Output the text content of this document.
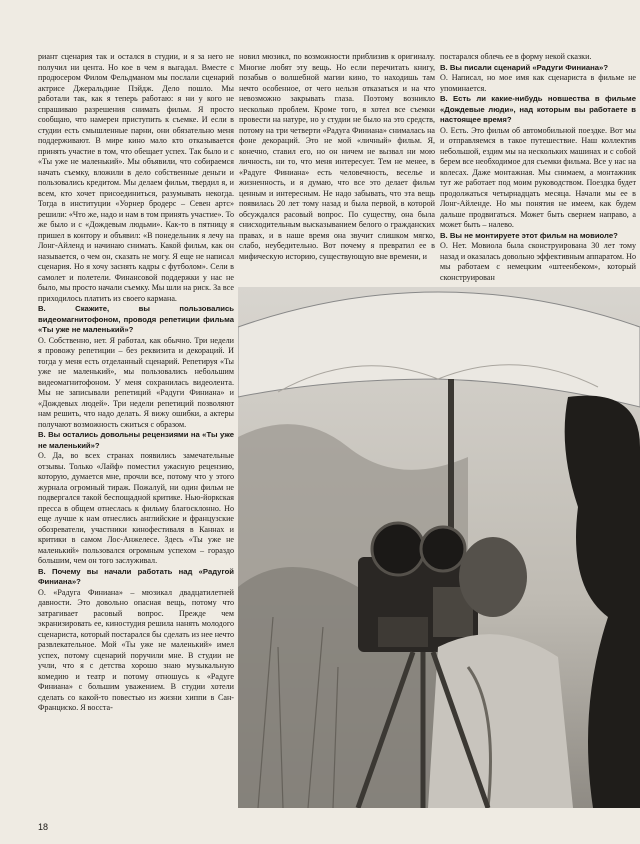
риант сценария так и остался в студии, и я за него не получил ни цента. Но кое в чем я выгадал. Вместе с продюсером Филом Фельдманом мы послали сценарий актрисе Джеральдине Пэйдж. Дело пошло. Мы работали так, как я теперь работаю: я ни у кого не спрашиваю разрешения снимать фильм. Я просто сообщаю, что намерен приступить к съемке. И если в студии есть смышленные парни, они обязательно меня поддерживают. В мире кино мало кто отказывается принять участие в том, что обещает успех. Так было и с «Ты уже не маленький». Мы объявили, что собираемся начать съемку, вложили в дело собственные деньги и пользовались кредитом. Мы делаем фильм, твердил я, и всем, кто хочет присоединиться, разумывать некогда. Тогда в институции «Уорнер бродерс – Севен артс» решили: «Что же, надо и нам в том принять участие». То же было и с «Дождевым людьми». Как-то в пятницу я пришел в контору и объявил: «В понедельник я лечу на Лонг-Айленд и начинаю снимать. Какой фильм, как он называется, о чем он, сказать не могу. Я еще не написал сценария. Но я хочу заснять кадры с футболом». Сели в самолет и полетели. Финансовой поддержки у нас не было, мы просто начали съемку. Мы шли на риск. За все приходилось платить из своего кармана.

В. Скажите, вы пользовались видеомагнитофоном, проводя репетиции фильма «Ты уже не маленький»?

О. Собственно, нет. Я работал, как обычно. Три недели я провожу репетиции – без реквизита и декораций. И тогда у меня есть отделанный сценарий. Репетируя «Ты уже не маленький», мы пользовались небольшим видеомагнитофоном. У меня сохранилась видеолента. Мы не записывали репетиций «Радуги Финиана» и «Дождевых людей». Три недели репетиций позволяют нам решить, что надо делать. Я вижу ошибки, а актеры получают возможность сжиться с образом.

В. Вы остались довольны рецензиями на «Ты уже не маленький»?

О. Да, во всех странах появились замечательные отзывы. Только «Лайф» поместил ужасную рецензию, которую, думается мне, прочли все, потому что у этого журнала огромный тираж. Пожалуй, ни один фильм не подвергался такой беспощадной критике. Нью-йоркская пресса в общем отнеслась к фильму благосклонно. Но еще лучше к нам отнеслись английские и французские обозреватели, участники кинофестиваля в Каннах и критики в самом Лос-Анжелесе. Здесь «Ты уже не маленький» пользовался огромным успехом – гораздо большим, чем он того заслуживал.

В. Почему вы начали работать над «Радугой Финиана»?

О. «Радуга Финиана» – мюзикал двадцатилетней давности. Это довольно опасная вещь, потому что затрагивает расовый вопрос. Прежде чем экранизировать ее, киностудия решила нанять молодого сценариста, который постарался бы сделать из нее нечто развлекательное. Мой «Ты уже не маленький» имел успех, потому сценарий поручили мне. В студии не учли, что я с детства хорошо знаю музыкальную комедию и театр и потому отношусь к «Радуге Финиана» с большим уважением. В студии хотели сделать со какой-то повестью из жизни хиппи в Сан-Франциско. Я восста-

новил мюзикл, по возможности приблизив к оригиналу. Многие любят эту вещь. Но если перечитать книгу, позабыв о волшебной магии кино, то находишь там нечто особенное, от чего нельзя отказаться и на что невозможно закрывать глаза. Поэтому возникло несколько проблем. Кроме того, я хотел все съемки провести на натуре, но у студии не было на это средств, потому на три четверти «Радуга Финиана» снималась на фоне декораций. Это не мой «личный» фильм. Я, конечно, ставил его, но он ничем не вызвал ни мою личность, ни то, что меня интересует. Тем не менее, в «Радуге Финиана» есть человечность, веселье и жизненность, и я думаю, что все это делает фильм ценным и интересным. Не надо забывать, что эта вещь появилась 20 лет тому назад и была первой, в которой обсуждался расовый вопрос. По существу, она была снисходительным высказыванием белого о гражданских правах, и в наше время она звучит слишком мягко, слабо, неубедительно. Вот почему я превратил ее в мифическую историю, существующую вне времени, и

постарался облечь ее в форму некой сказки.

В. Вы писали сценарий «Радуги Финиана»?

О. Написал, но мое имя как сценариста в фильме не упоминается.

В. Есть ли какие-нибудь новшества в фильме «Дождевые люди», над которым вы работаете в настоящее время?

О. Есть. Это фильм об автомобильной поездке. Вот мы и отправляемся в такое путешествие. Наш коллектив небольшой, ездим мы на нескольких машинах и с собой берем все необходимое для съемки фильма. Все у нас на колесах. Даже монтажная. Мы снимаем, а монтажник тут же работает под моим руководством. Поездка будет продолжаться четырнадцать месяца. Начали мы ее в Лонг-Айленде. Но мы понятия не имеем, как будем дальше продвигаться. Может быть свернем направо, а может быть – налево.

В. Вы не монтируете этот фильм на мовиоле?

О. Нет. Мовиола была сконструирована 30 лет тому назад и оказалась довольно эффективным аппаратом. Но мы работаем с немецким «штеенбеком», который сконструирован

18
